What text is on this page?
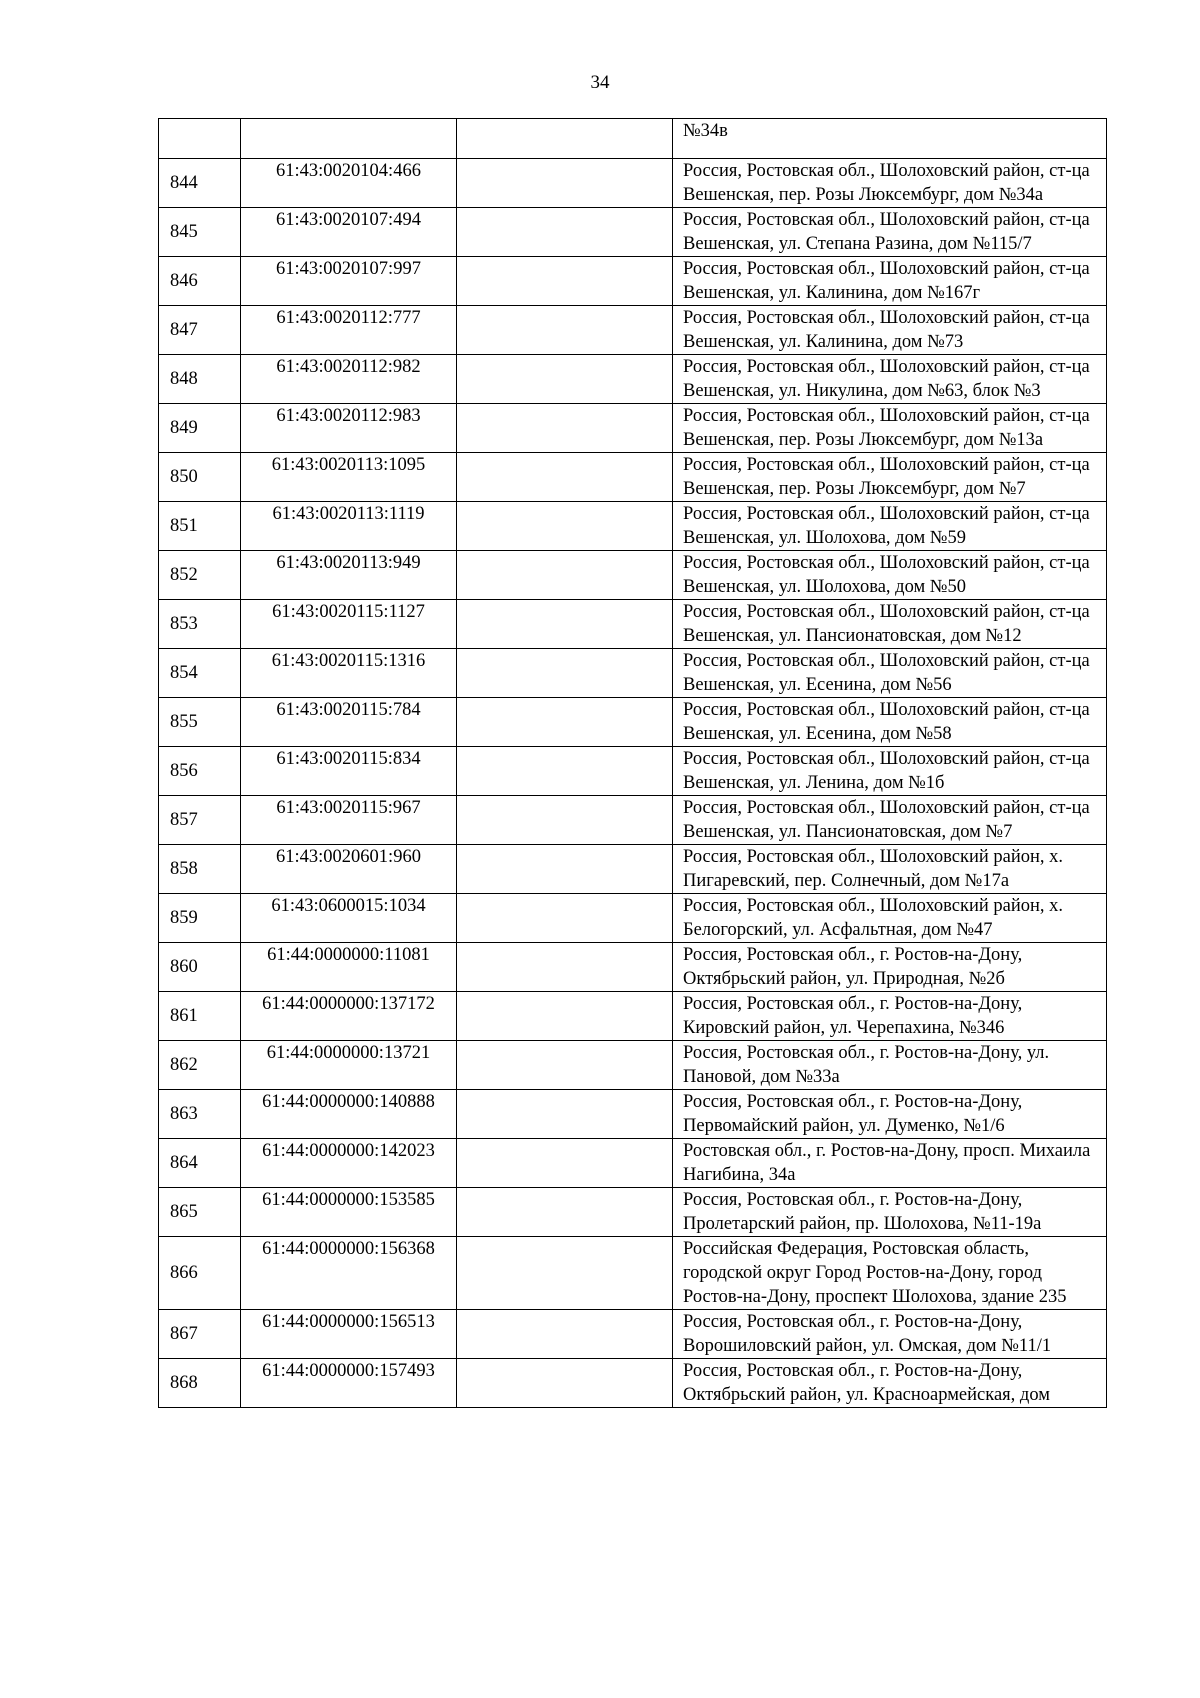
34
			№34в
844	61:43:0020104:466		Россия, Ростовская обл., Шолоховский район, ст-ца Вешенская, пер. Розы Люксембург, дом №34а
845	61:43:0020107:494		Россия, Ростовская обл., Шолоховский район, ст-ца Вешенская, ул. Степана Разина, дом №115/7
846	61:43:0020107:997		Россия, Ростовская обл., Шолоховский район, ст-ца Вешенская, ул. Калинина, дом №167г
847	61:43:0020112:777		Россия, Ростовская обл., Шолоховский район, ст-ца Вешенская, ул. Калинина, дом №73
848	61:43:0020112:982		Россия, Ростовская обл., Шолоховский район, ст-ца Вешенская, ул. Никулина, дом №63, блок №3
849	61:43:0020112:983		Россия, Ростовская обл., Шолоховский район, ст-ца Вешенская, пер. Розы Люксембург, дом №13а
850	61:43:0020113:1095		Россия, Ростовская обл., Шолоховский район, ст-ца Вешенская, пер. Розы Люксембург, дом №7
851	61:43:0020113:1119		Россия, Ростовская обл., Шолоховский район, ст-ца Вешенская, ул. Шолохова, дом №59
852	61:43:0020113:949		Россия, Ростовская обл., Шолоховский район, ст-ца Вешенская, ул. Шолохова, дом №50
853	61:43:0020115:1127		Россия, Ростовская обл., Шолоховский район, ст-ца Вешенская, ул. Пансионатовская, дом №12
854	61:43:0020115:1316		Россия, Ростовская обл., Шолоховский район, ст-ца Вешенская, ул. Есенина, дом №56
855	61:43:0020115:784		Россия, Ростовская обл., Шолоховский район, ст-ца Вешенская, ул. Есенина, дом №58
856	61:43:0020115:834		Россия, Ростовская обл., Шолоховский район, ст-ца Вешенская, ул. Ленина, дом №1б
857	61:43:0020115:967		Россия, Ростовская обл., Шолоховский район, ст-ца Вешенская, ул. Пансионатовская, дом №7
858	61:43:0020601:960		Россия, Ростовская обл., Шолоховский район, х. Пигаревский, пер. Солнечный, дом №17а
859	61:43:0600015:1034		Россия, Ростовская обл., Шолоховский район, х. Белогорский, ул. Асфальтная, дом №47
860	61:44:0000000:11081		Россия, Ростовская обл., г. Ростов-на-Дону, Октябрьский район, ул. Природная, №2б
861	61:44:0000000:137172		Россия, Ростовская обл., г. Ростов-на-Дону, Кировский район, ул. Черепахина, №346
862	61:44:0000000:13721		Россия, Ростовская обл., г. Ростов-на-Дону, ул. Пановой, дом №33а
863	61:44:0000000:140888		Россия, Ростовская обл., г. Ростов-на-Дону, Первомайский район, ул. Думенко, №1/6
864	61:44:0000000:142023		Ростовская обл., г. Ростов-на-Дону, просп. Михаила Нагибина, 34а
865	61:44:0000000:153585		Россия, Ростовская обл., г. Ростов-на-Дону, Пролетарский район, пр. Шолохова, №11-19а
866	61:44:0000000:156368		Российская Федерация, Ростовская область, городской округ Город Ростов-на-Дону, город Ростов-на-Дону, проспект Шолохова, здание 235
867	61:44:0000000:156513		Россия, Ростовская обл., г. Ростов-на-Дону, Ворошиловский район, ул. Омская, дом №11/1
868	61:44:0000000:157493		Россия, Ростовская обл., г. Ростов-на-Дону, Октябрьский район, ул. Красноармейская, дом
